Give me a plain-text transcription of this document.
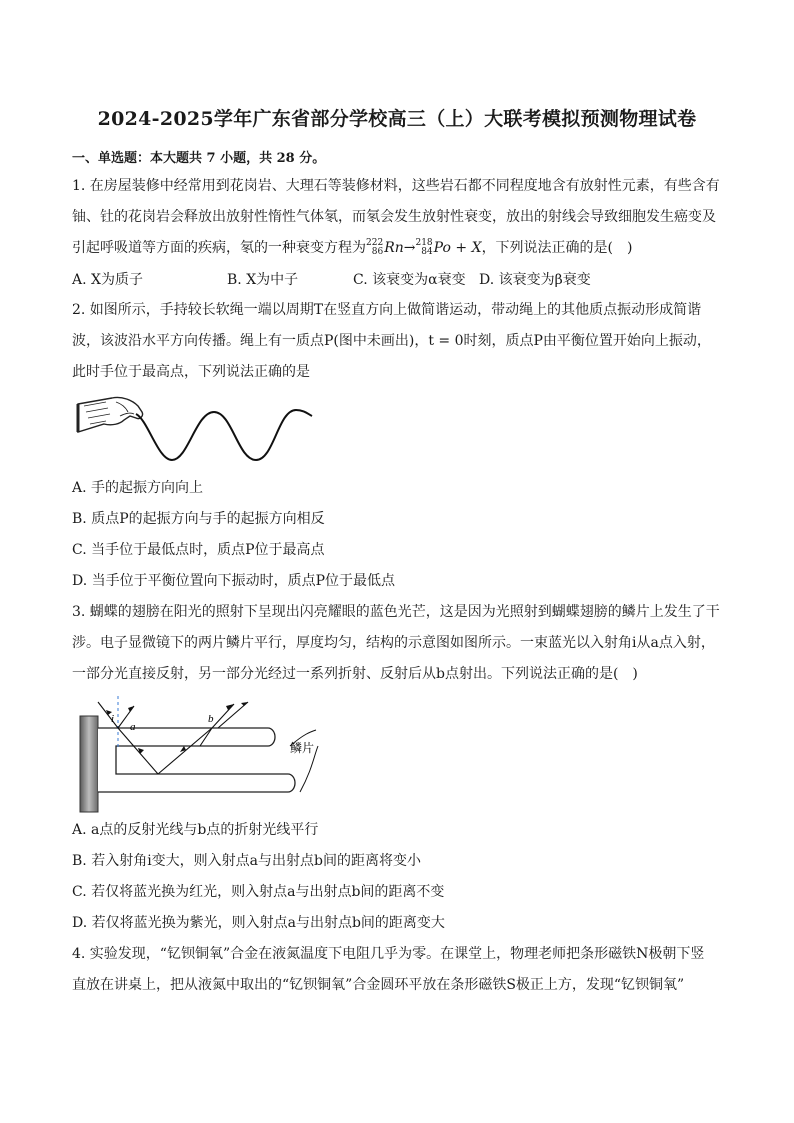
2024-2025学年广东省部分学校高三（上）大联考模拟预测物理试卷
一、单选题：本大题共 7 小题，共 28 分。
1. 在房屋装修中经常用到花岗岩、大理石等装修材料，这些岩石都不同程度地含有放射性元素，有些含有
铀、钍的花岗岩会释放出放射性惰性气体氡，而氡会发生放射性衰变，放出的射线会导致细胞发生癌变及
引起呼吸道等方面的疾病，氡的一种衰变方程为222
86Rn→218
84Po + X，下列说法正确的是(　)
A. X为质子	B. X为中子	C. 该衰变为α衰变 D. 该衰变为β衰变
2. 如图所示，手持较长软绳一端以周期T在竖直方向上做简谐运动，带动绳上的其他质点振动形成简谐
波，该波沿水平方向传播。绳上有一质点P(图中未画出)，t = 0时刻，质点P由平衡位置开始向上振动，
此时手位于最高点，下列说法正确的是
A. 手的起振方向向上
B. 质点P的起振方向与手的起振方向相反
C. 当手位于最低点时，质点P位于最高点
D. 当手位于平衡位置向下振动时，质点P位于最低点
3. 蝴蝶的翅膀在阳光的照射下呈现出闪亮耀眼的蓝色光芒，这是因为光照射到蝴蝶翅膀的鳞片上发生了干
涉。电子显微镜下的两片鳞片平行，厚度均匀，结构的示意图如图所示。一束蓝光以入射角i从a点入射，
一部分光直接反射，另一部分光经过一系列折射、反射后从b点射出。下列说法正确的是(　)
i
a
b
鳞片
A. a点的反射光线与b点的折射光线平行
B. 若入射角i变大，则入射点a与出射点b间的距离将变小
C. 若仅将蓝光换为红光，则入射点a与出射点b间的距离不变
D. 若仅将蓝光换为紫光，则入射点a与出射点b间的距离变大
4. 实验发现，“钇钡铜氧”合金在液氮温度下电阻几乎为零。在课堂上，物理老师把条形磁铁N极朝下竖
直放在讲桌上，把从液氮中取出的“钇钡铜氧”合金圆环平放在条形磁铁S极正上方，发现“钇钡铜氧”
